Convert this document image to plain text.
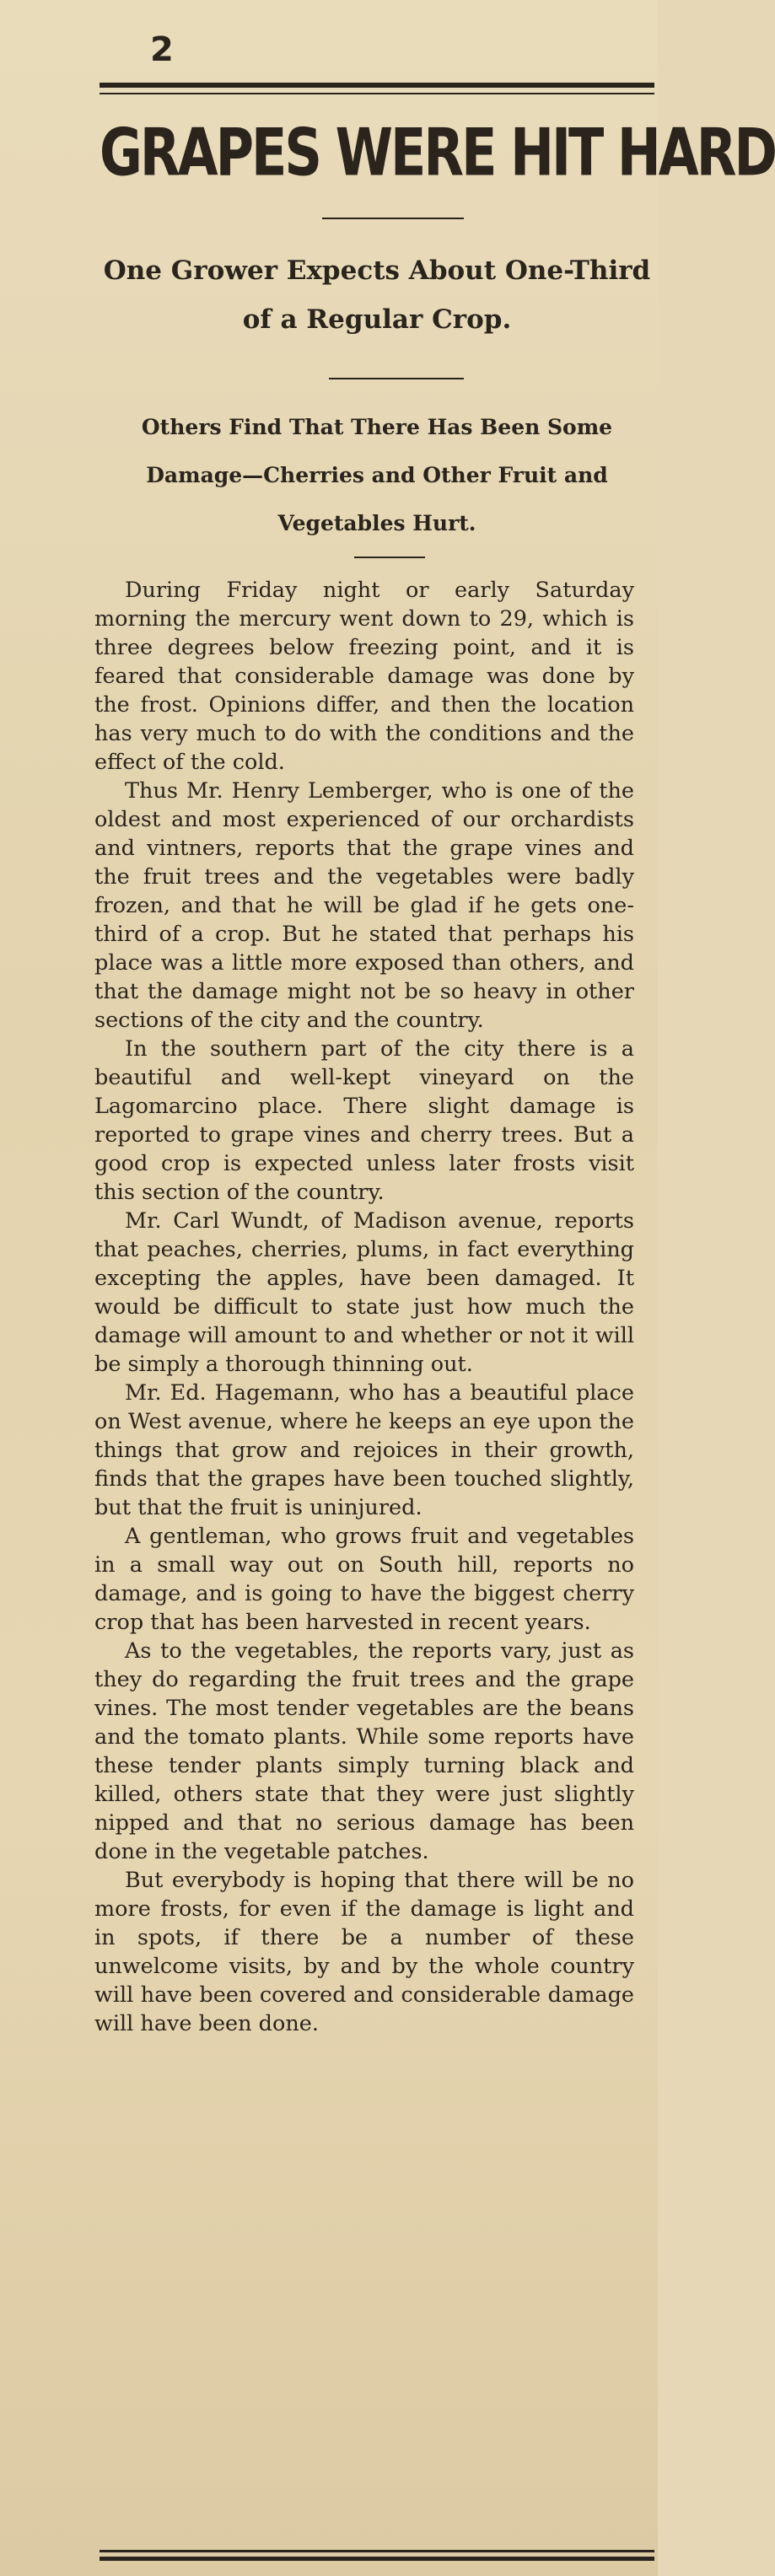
2
GRAPES WERE HIT HARD
One Grower Expects About One-Third of a Regular Crop.
Others Find That There Has Been Some Damage—Cherries and Other Fruit and Vegetables Hurt.

During Friday night or early Saturday morning the mercury went down to 29, which is three degrees below freezing point, and it is feared that considerable damage was done by the frost. Opinions differ, and then the location has very much to do with the conditions and the effect of the cold.

Thus Mr. Henry Lemberger, who is one of the oldest and most experienced of our orchardists and vintners, reports that the grape vines and the fruit trees and the vegetables were badly frozen, and that he will be glad if he gets one-third of a crop. But he stated that perhaps his place was a little more exposed than others, and that the damage might not be so heavy in other sections of the city and the country.

In the southern part of the city there is a beautiful and well-kept vineyard on the Lagomarcino place. There slight damage is reported to grape vines and cherry trees. But a good crop is expected unless later frosts visit this section of the country.

Mr. Carl Wundt, of Madison avenue, reports that peaches, cherries, plums, in fact everything excepting the apples, have been damaged. It would be difficult to state just how much the damage will amount to and whether or not it will be simply a thorough thinning out.

Mr. Ed. Hagemann, who has a beautiful place on West avenue, where he keeps an eye upon the things that grow and rejoices in their growth, finds that the grapes have been touched slightly, but that the fruit is uninjured.

A gentleman, who grows fruit and vegetables in a small way out on South hill, reports no damage, and is going to have the biggest cherry crop that has been harvested in recent years.

As to the vegetables, the reports vary, just as they do regarding the fruit trees and the grape vines. The most tender vegetables are the beans and the tomato plants. While some reports have these tender plants simply turning black and killed, others state that they were just slightly nipped and that no serious damage has been done in the vegetable patches.

But everybody is hoping that there will be no more frosts, for even if the damage is light and in spots, if there be a number of these unwelcome visits, by and by the whole country will have been covered and considerable damage will have been done.
